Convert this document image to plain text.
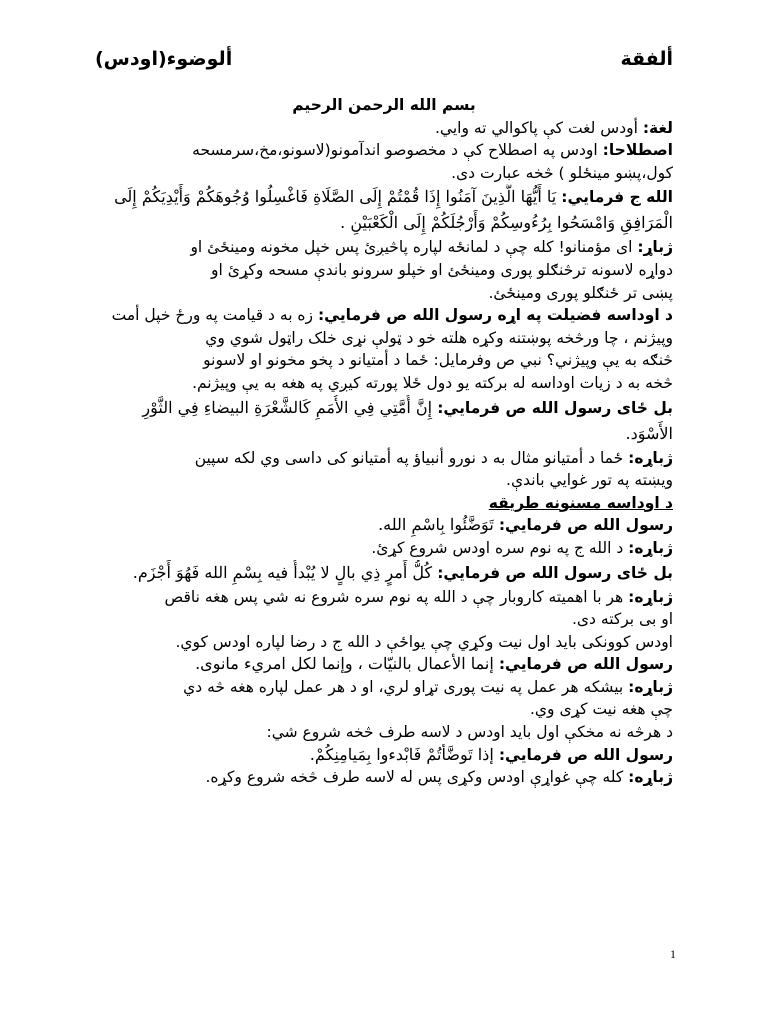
ألفقة
ألوضوء(اودس)
بسم الله الرحمن الرحيم
لغة: أودس لغت كې پاكوالي ته وايي.
اصطلاحا: اودس په اصطلاح كې د مخصوصو اندآمونو(لاسونو،مخ،سرمسحه
كول،پښو مينځلو ) څخه عبارت دى.
الله ج فرمايي: يَا أَيُّهَا الَّذِينَ آمَنُوا إِذَا قُمْتُمْ إِلَى الصَّلَاةِ فَاغْسِلُوا وُجُوهَكُمْ وَأَيْدِيَكُمْ إِلَى
الْمَرَافِقِ وَامْسَحُوا بِرُءُوسِكُمْ وَأَرْجُلَكُمْ إِلَى الْكَعْبَيْنِ .
ژباړ: اى مؤمنانو! كله چې د لمانځه لپاره پاڅيږئ پس خپل مخونه ومينځئ او
دواړه لاسونه ترڅنګلو پورى ومينځئ او خپلو سرونو باندې مسحه وكړئ او
پښى تر ځنګلو پورى ومينځئ.
د اوداسه فضيلت په اړه رسول الله ص فرمايي: زه به د قيامت په ورځ خپل أمت
وپيژنم ، چا ورڅخه پوښتنه وكړه هلته خو د ټولې نړى خلک راټول شوي وي
څنګه به يې وپيژني؟ نبي ص وفرمايل: ځما د أمتيانو د پخو مخونو او لاسونو
څخه به د زيات اوداسه له بركته يو دول ځلا پورته كيږي په هغه به يې وپيژنم.
بل ځاى رسول الله ص فرمايي: إِنَّ أُمَّتِي فِي الأُمَمِ كَالشَّعْرَةِ البيضاءِ فِي الثَّوْرِ
الأَسْوَد.
ژباړه: ځما د أمتيانو مثال به د نورو أنبياؤ په أمتيانو كى داسى وي لكه سپين
ويښته په تور غوايي باندې.
د اوداسه مسنونه طريقه
رسول الله ص فرمايي: تَوَضَّئُوا بِاسْمِ الله.
ژباړه: د الله ج په نوم سره اودس شروع كړئ.
بل ځاى رسول الله ص فرمايي: كُلُّ أَمرٍ ذِي بالٍ لا يُبْدأُ فيه بِسْمِ الله فَهُوَ أَجْزَم.
ژباړه: هر با اهميته كاروبار چې د الله په نوم سره شروع نه شي پس هغه ناقص
او بى بركته دى.
اودس كوونكى بايد اول نيت وكړي چې يواځې د الله ج د رضا لپاره اودس كوي.
رسول الله ص فرمايي: إنما الأعمال بالنيّات ، وإنما لكل امريء مانوى.
ژباړه: بيشكه هر عمل په نيت پورى تړاو لري، او د هر عمل لپاره هغه څه دي
چې هغه نيت كړى وي.
د هرڅه نه مخكې اول بايد اودس د لاسه طرف څخه شروع شي:
رسول الله ص فرمايي: إذا تَوضَّأتُمْ فَابْدءوا بِمَيامِنِكُمْ.
ژباړه: كله چې غواړې اودس وكړى پس له لاسه طرف څخه شروع وكړه.
1
